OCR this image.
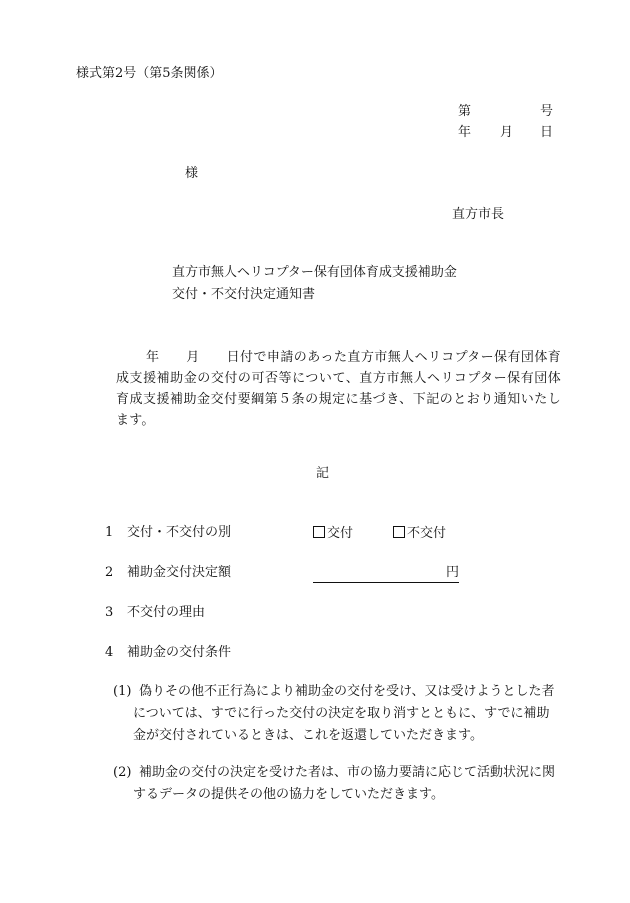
様式第2号（第5条関係）
第	号
年 月 日
様
直方市長
直方市無人ヘリコプター保有団体育成支援補助金
交付・不交付決定通知書
年　　月　　日付で申請のあった直方市無人ヘリコプター保有団体育成支援補助金の交付の可否等について、直方市無人ヘリコプター保有団体育成支援補助金交付要綱第５条の規定に基づき、下記のとおり通知いたします。
記
1 交付・不交付の別	交付	不交付
2 補助金交付決定額	円
3 不交付の理由
4 補助金の交付条件
(1) 偽りその他不正行為により補助金の交付を受け、又は受けようとした者については、すでに行った交付の決定を取り消すとともに、すでに補助金が交付されているときは、これを返還していただきます。
(2) 補助金の交付の決定を受けた者は、市の協力要請に応じて活動状況に関するデータの提供その他の協力をしていただきます。
